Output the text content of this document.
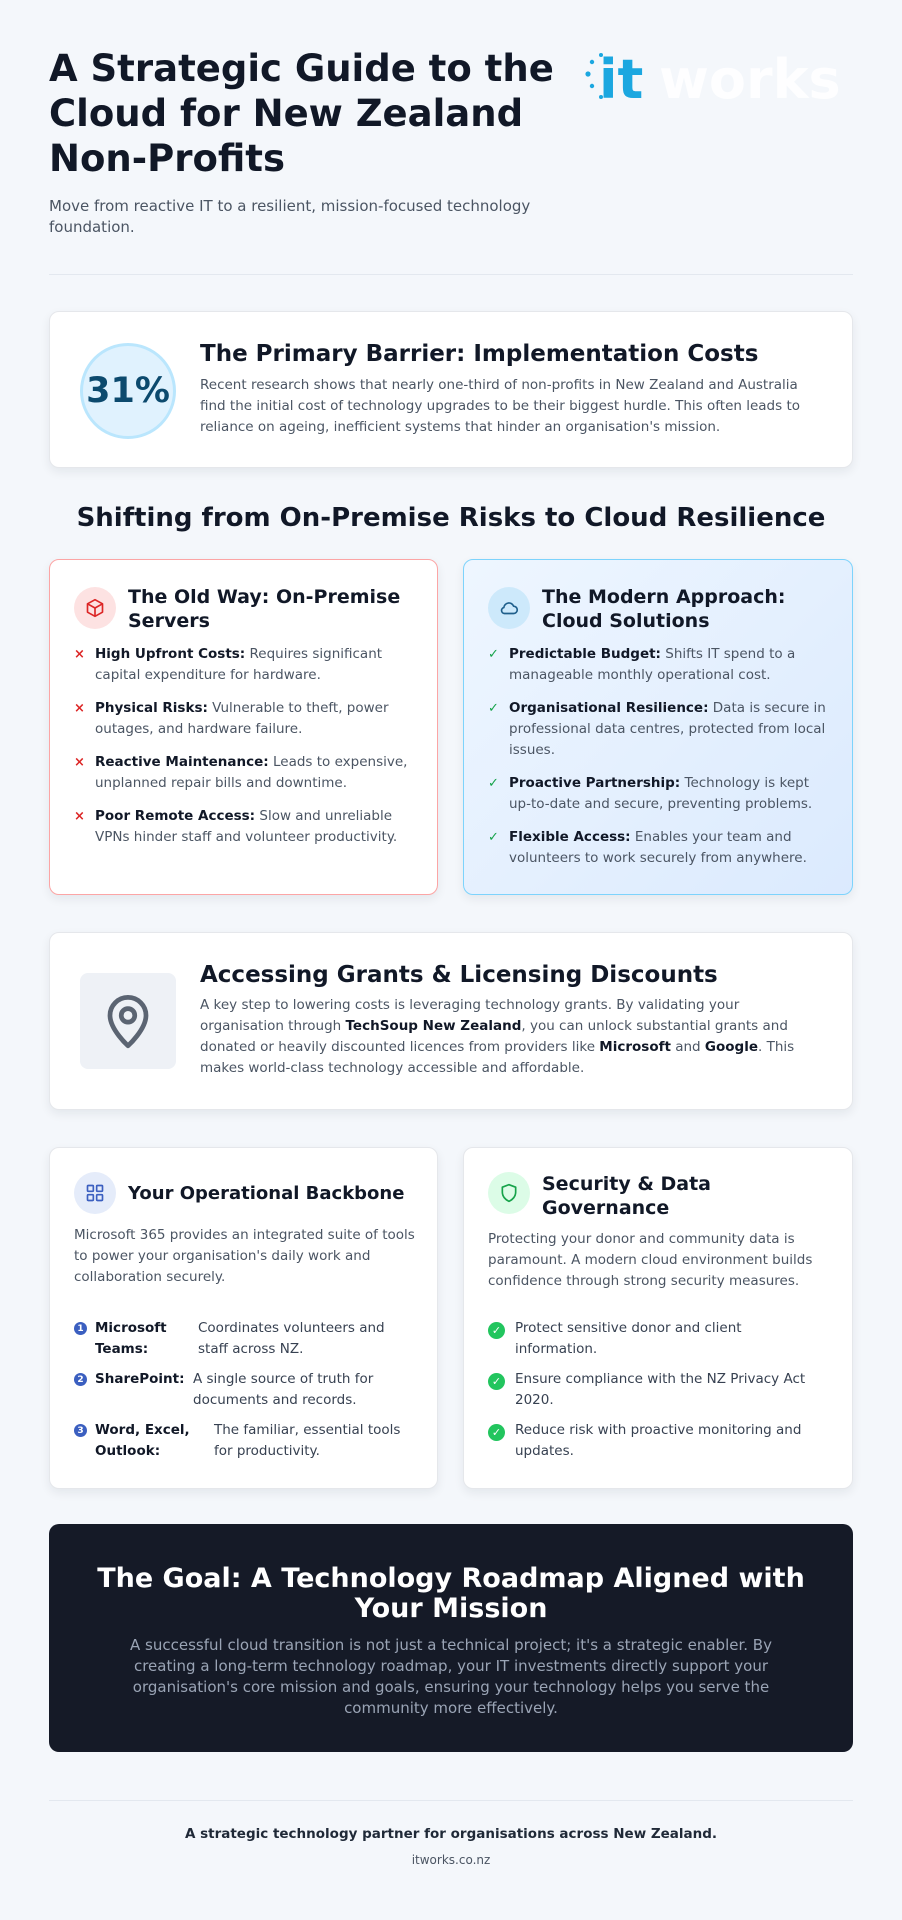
A Strategic Guide to the Cloud for New Zealand Non-Profits

Move from reactive IT to a resilient, mission-focused technology foundation.

it works
31%
The Primary Barrier: Implementation Costs

Recent research shows that nearly one-third of non-profits in New Zealand and Australia find the initial cost of technology upgrades to be their biggest hurdle. This often leads to reliance on ageing, inefficient systems that hinder an organisation's mission.

Shifting from On-Premise Risks to Cloud Resilience
The Old Way: On-Premise Servers
× High Upfront Costs: Requires significant capital expenditure for hardware.
× Physical Risks: Vulnerable to theft, power outages, and hardware failure.
× Reactive Maintenance: Leads to expensive, unplanned repair bills and downtime.
× Poor Remote Access: Slow and unreliable VPNs hinder staff and volunteer productivity.
The Modern Approach: Cloud Solutions
✓ Predictable Budget: Shifts IT spend to a manageable monthly operational cost.
✓ Organisational Resilience: Data is secure in professional data centres, protected from local issues.
✓ Proactive Partnership: Technology is kept up-to-date and secure, preventing problems.
✓ Flexible Access: Enables your team and volunteers to work securely from anywhere.
Accessing Grants & Licensing Discounts

A key step to lowering costs is leveraging technology grants. By validating your organisation through TechSoup New Zealand, you can unlock substantial grants and donated or heavily discounted licences from providers like Microsoft and Google. This makes world-class technology accessible and affordable.

Your Operational Backbone

Microsoft 365 provides an integrated suite of tools to power your organisation's daily work and collaboration securely.

1 Microsoft Teams:
Coordinates volunteers and staff across NZ.
2 SharePoint: A single source of truth for documents and records.
3 Word, Excel, Outlook:
The familiar, essential tools for productivity.
Security & Data Governance

Protecting your donor and community data is paramount. A modern cloud environment builds confidence through strong security measures.

✓ Protect sensitive donor and client information.
✓ Ensure compliance with the NZ Privacy Act 2020.
✓ Reduce risk with proactive monitoring and updates.
The Goal: A Technology Roadmap Aligned with Your Mission

A successful cloud transition is not just a technical project; it's a strategic enabler. By creating a long-term technology roadmap, your IT investments directly support your organisation's core mission and goals, ensuring your technology helps you serve the community more effectively.

A strategic technology partner for organisations across New Zealand.

itworks.co.nz
